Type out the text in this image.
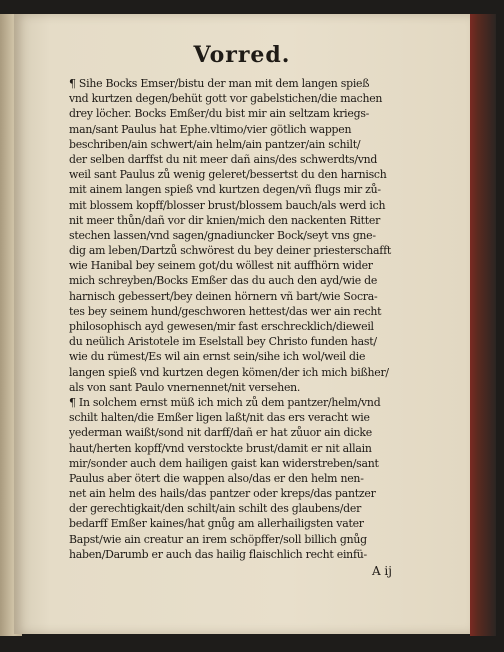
Vorred.
¶ Sihe Bocks Emser/bistu der man mit dem langen spieß
vnd kurtzen degen/behüt gott vor gabelstichen/die machen
drey löcher. Bocks Emßer/du bist mir ain seltzam kriegs-
man/sant Paulus hat Ephe.vltimo/vier götlich wappen
beschriben/ain schwert/ain helm/ain pantzer/ain schilt/
der selben darffst du nit meer dañ ains/des schwerdts/vnd
weil sant Paulus zů wenig geleret/bessertst du den harnisch
mit ainem langen spieß vnd kurtzen degen/vñ flugs mir zů-
mit blossem kopff/blosser brust/blossem bauch/als werd ich
nit meer thůn/dañ vor dir knien/mich den nackenten Ritter
stechen lassen/vnd sagen/gnadiuncker Bock/seyt vns gne-
dig am leben/Dartzů schwörest du bey deiner priesterschafft
wie Hanibal bey seinem got/du wöllest nit auffhörn wider
mich schreyben/Bocks Emßer das du auch den ayd/wie de
harnisch gebessert/bey deinen hörnern vñ bart/wie Socra-
tes bey seinem hund/geschworen hettest/das wer ain recht
philosophisch ayd gewesen/mir fast erschrecklich/dieweil
du neülich Aristotele im Eselstall bey Christo funden hast/
wie du rümest/Es wil ain ernst sein/sihe ich wol/weil die
langen spieß vnd kurtzen degen kömen/der ich mich bißher/
als von sant Paulo vnernennet/nit versehen.
¶ In solchem ernst müß ich mich zů dem pantzer/helm/vnd
schilt halten/die Emßer ligen laßt/nit das ers veracht wie
yederman waißt/sond nit darff/dañ er hat zůuor ain dicke
haut/herten kopff/vnd verstockte brust/damit er nit allain
mir/sonder auch dem hailigen gaist kan widerstreben/sant
Paulus aber ötert die wappen also/das er den helm nen-
net ain helm des hails/das pantzer oder kreps/das pantzer
der gerechtigkait/den schilt/ain schilt des glaubens/der
bedarff Emßer kaines/hat gnůg am allerhailigsten vater
Bapst/wie ain creatur an irem schöpffer/soll billich gnůg
haben/Darumb er auch das hailig flaischlich recht einfü-
A ij
